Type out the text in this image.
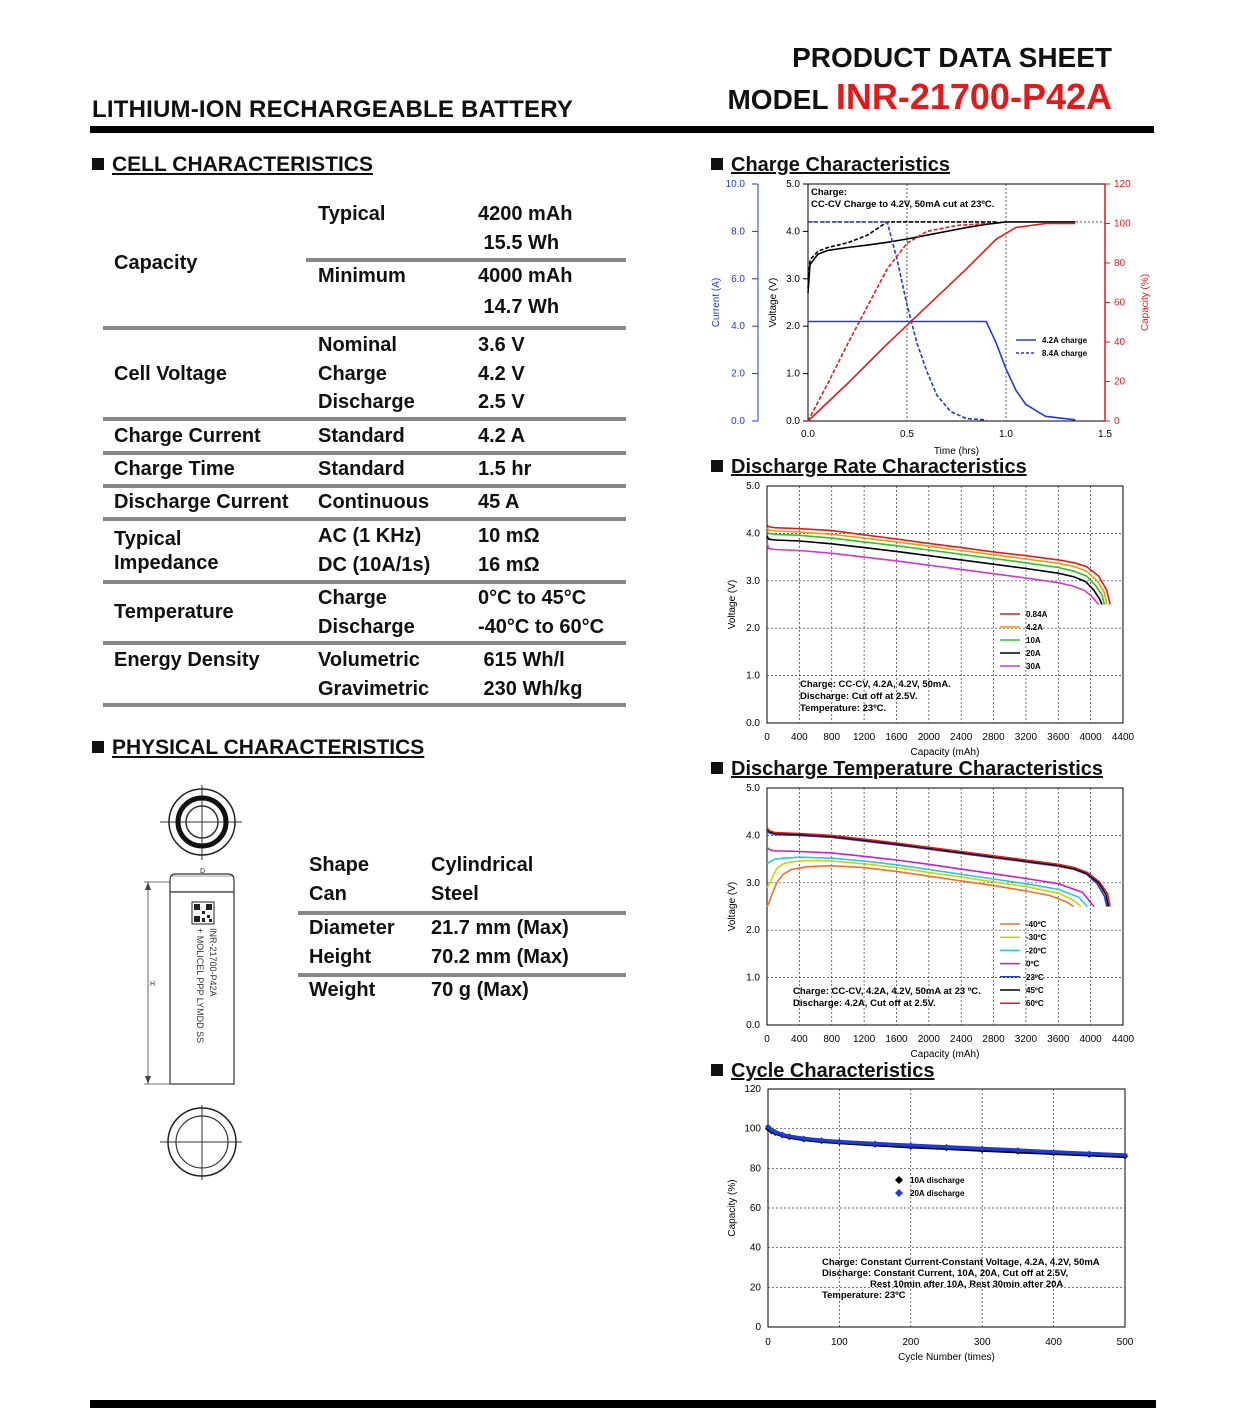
LITHIUM-ION RECHARGEABLE BATTERY
PRODUCT DATA SHEET
MODEL INR-21700-P42A
CELL CHARACTERISTICS
Capacity
Typical	4200 mAh
15.5 Wh
Minimum	4000 mAh
14.7 Wh
Cell Voltage
Nominal	3.6 V
Charge	4.2 V
Discharge	2.5 V
Charge Current	Standard	4.2 A
Charge Time	Standard	1.5 hr
Discharge Current Continuous 45 A
Typical
Impedance
AC (1 KHz)	10 mΩ
DC (10A/1s) 16 mΩ
Temperature
Charge	0°C to 45°C
Discharge	-40°C to 60°C
Energy Density	Volumetric	615 Wh/l
Gravimetric 230 Wh/kg
PHYSICAL CHARACTERISTICS
H
D
INR-21700-P42A
+ MOLICEL PPP LYMDD SS
Shape	Cylindrical
Can	Steel
Diameter 21.7 mm (Max)
Height	70.2 mm (Max)
Weight	70 g (Max)
Charge Characteristics
Discharge Rate Characteristics
Discharge Temperature Characteristics
Cycle Characteristics
0.0
2.0
4.0
6.0
8.0
10.0
0.0
1.0
2.0
3.0
4.0
5.0
0
20
40
60
80
100
120
0.0	0.5	1.0	1.5
Time (hrs)
Voltage (V)
Current (A)	Capacity (%)
Charge:
CC-CV Charge to 4.2V, 50mA cut at 23ºC.
4.2A charge
8.4A charge
0 400 800 1200 1600 2000 2400 2800 3200 3600 4000 4400
0.0
1.0
2.0
3.0
4.0
5.0
Capacity (mAh)
Voltage (V)	0.84A
4.2A
10A
20A
30A
Charge: CC-CV, 4.2A, 4.2V, 50mA.
Discharge: Cut off at 2.5V.
Temperature: 23ºC.
0 400 800 1200 1600 2000 2400 2800 3200 3600 4000 4400
0.0
1.0
2.0
3.0
4.0
5.0
Capacity (mAh)
Voltage (V)	-40ºC
-30ºC
-20ºC
0ºC
23ºC
45ºC
60ºC
Charge: CC-CV, 4.2A, 4.2V, 50mA at 23 ºC.
Discharge: 4.2A, Cut off at 2.5V.
0	100	200	300	400	500
0
20
40
60
80
100
120
Cycle Number (times)
Capacity (%)	10A discharge
20A discharge
Charge: Constant Current-Constant Voltage, 4.2A, 4.2V, 50mA
Discharge: Constant Current, 10A, 20A, Cut off at 2.5V,
Rest 10min after 10A, Rest 30min after 20A
Temperature: 23ºC
